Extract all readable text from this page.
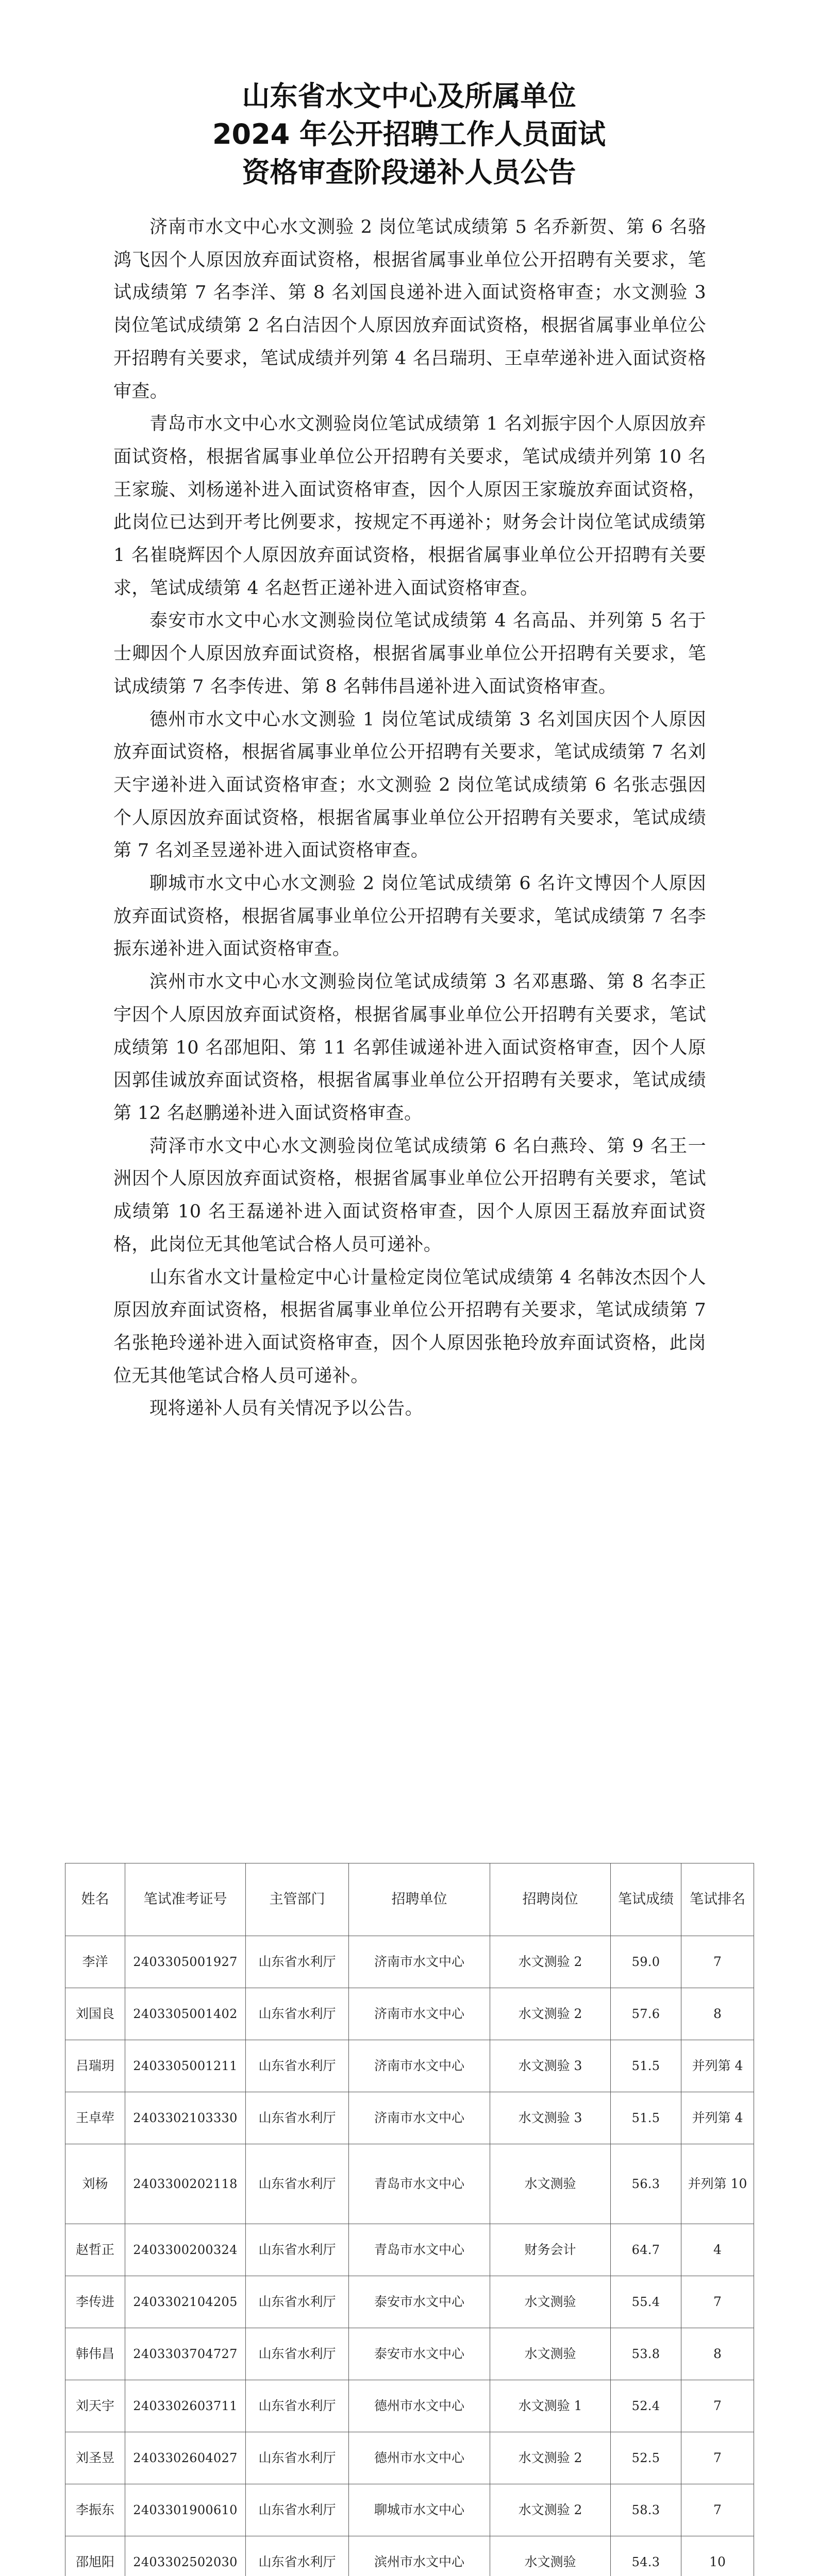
山东省水文中心及所属单位
2024 年公开招聘工作人员面试
资格审查阶段递补人员公告

济南市水文中心水文测验 2 岗位笔试成绩第 5 名乔新贺、第 6 名骆鸿飞因个人原因放弃面试资格，根据省属事业单位公开招聘有关要求，笔试成绩第 7 名李洋、第 8 名刘国良递补进入面试资格审查；水文测验 3 岗位笔试成绩第 2 名白洁因个人原因放弃面试资格，根据省属事业单位公开招聘有关要求，笔试成绩并列第 4 名吕瑞玥、王卓荦递补进入面试资格审查。

青岛市水文中心水文测验岗位笔试成绩第 1 名刘振宇因个人原因放弃面试资格，根据省属事业单位公开招聘有关要求，笔试成绩并列第 10 名王家璇、刘杨递补进入面试资格审查，因个人原因王家璇放弃面试资格，此岗位已达到开考比例要求，按规定不再递补；财务会计岗位笔试成绩第 1 名崔晓辉因个人原因放弃面试资格，根据省属事业单位公开招聘有关要求，笔试成绩第 4 名赵哲正递补进入面试资格审查。

泰安市水文中心水文测验岗位笔试成绩第 4 名高品、并列第 5 名于士卿因个人原因放弃面试资格，根据省属事业单位公开招聘有关要求，笔试成绩第 7 名李传进、第 8 名韩伟昌递补进入面试资格审查。

德州市水文中心水文测验 1 岗位笔试成绩第 3 名刘国庆因个人原因放弃面试资格，根据省属事业单位公开招聘有关要求，笔试成绩第 7 名刘天宇递补进入面试资格审查；水文测验 2 岗位笔试成绩第 6 名张志强因个人原因放弃面试资格，根据省属事业单位公开招聘有关要求，笔试成绩第 7 名刘圣昱递补进入面试资格审查。

聊城市水文中心水文测验 2 岗位笔试成绩第 6 名许文博因个人原因放弃面试资格，根据省属事业单位公开招聘有关要求，笔试成绩第 7 名李振东递补进入面试资格审查。

滨州市水文中心水文测验岗位笔试成绩第 3 名邓惠璐、第 8 名李正宇因个人原因放弃面试资格，根据省属事业单位公开招聘有关要求，笔试成绩第 10 名邵旭阳、第 11 名郭佳诚递补进入面试资格审查，因个人原因郭佳诚放弃面试资格，根据省属事业单位公开招聘有关要求，笔试成绩第 12 名赵鹏递补进入面试资格审查。

菏泽市水文中心水文测验岗位笔试成绩第 6 名白燕玲、第 9 名王一洲因个人原因放弃面试资格，根据省属事业单位公开招聘有关要求，笔试成绩第 10 名王磊递补进入面试资格审查，因个人原因王磊放弃面试资格，此岗位无其他笔试合格人员可递补。

山东省水文计量检定中心计量检定岗位笔试成绩第 4 名韩汝杰因个人原因放弃面试资格，根据省属事业单位公开招聘有关要求，笔试成绩第 7 名张艳玲递补进入面试资格审查，因个人原因张艳玲放弃面试资格，此岗位无其他笔试合格人员可递补。

现将递补人员有关情况予以公告。

姓名	笔试准考证号	主管部门	招聘单位	招聘岗位	笔试成绩	笔试排名
李洋	2403305001927	山东省水利厅	济南市水文中心	水文测验 2	59.0	7
刘国良	2403305001402	山东省水利厅	济南市水文中心	水文测验 2	57.6	8
吕瑞玥	2403305001211	山东省水利厅	济南市水文中心	水文测验 3	51.5	并列第 4
王卓荦	2403302103330	山东省水利厅	济南市水文中心	水文测验 3	51.5	并列第 4
刘杨	2403300202118	山东省水利厅	青岛市水文中心	水文测验	56.3	并列第 10
赵哲正	2403300200324	山东省水利厅	青岛市水文中心	财务会计	64.7	4
李传进	2403302104205	山东省水利厅	泰安市水文中心	水文测验	55.4	7
韩伟昌	2403303704727	山东省水利厅	泰安市水文中心	水文测验	53.8	8
刘天宇	2403302603711	山东省水利厅	德州市水文中心	水文测验 1	52.4	7
刘圣昱	2403302604027	山东省水利厅	德州市水文中心	水文测验 2	52.5	7
李振东	2403301900610	山东省水利厅	聊城市水文中心	水文测验 2	58.3	7
邵旭阳	2403302502030	山东省水利厅	滨州市水文中心	水文测验	54.3	10
